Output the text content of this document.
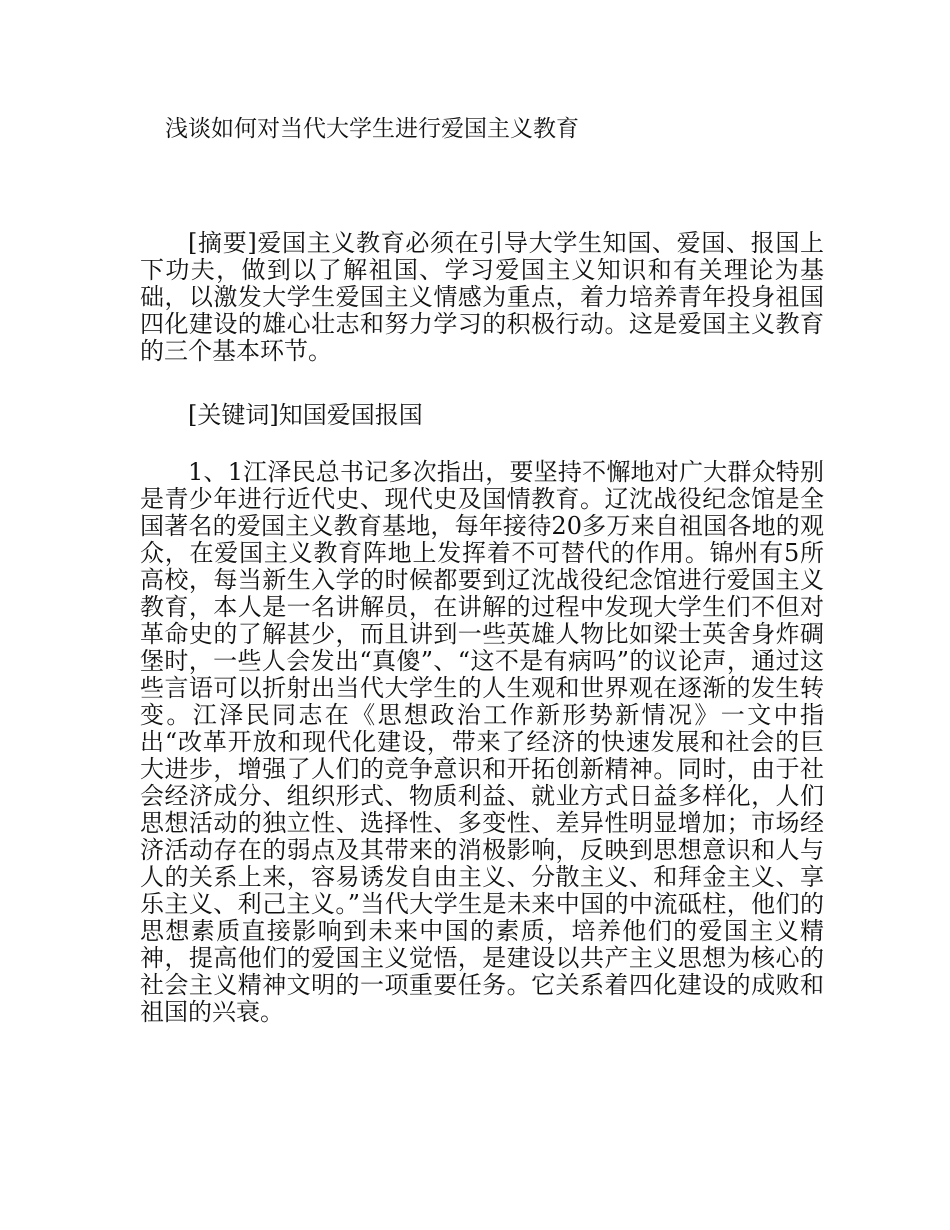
浅谈如何对当代大学生进行爱国主义教育

[摘要]爱国主义教育必须在引导大学生知国、爱国、报国上下功夫，做到以了解祖国、学习爱国主义知识和有关理论为基础，以激发大学生爱国主义情感为重点，着力培养青年投身祖国四化建设的雄心壮志和努力学习的积极行动。这是爱国主义教育的三个基本环节。

[关键词]知国爱国报国

1、1江泽民总书记多次指出，要坚持不懈地对广大群众特别是青少年进行近代史、现代史及国情教育。辽沈战役纪念馆是全国著名的爱国主义教育基地，每年接待20多万来自祖国各地的观众，在爱国主义教育阵地上发挥着不可替代的作用。锦州有5所高校，每当新生入学的时候都要到辽沈战役纪念馆进行爱国主义教育，本人是一名讲解员，在讲解的过程中发现大学生们不但对革命史的了解甚少，而且讲到一些英雄人物比如梁士英舍身炸碉堡时，一些人会发出“真傻”、“这不是有病吗”的议论声，通过这些言语可以折射出当代大学生的人生观和世界观在逐渐的发生转变。江泽民同志在《思想政治工作新形势新情况》一文中指出“改革开放和现代化建设，带来了经济的快速发展和社会的巨大进步，增强了人们的竞争意识和开拓创新精神。同时，由于社会经济成分、组织形式、物质利益、就业方式日益多样化，人们思想活动的独立性、选择性、多变性、差异性明显增加；市场经济活动存在的弱点及其带来的消极影响，反映到思想意识和人与人的关系上来，容易诱发自由主义、分散主义、和拜金主义、享乐主义、利己主义。”当代大学生是未来中国的中流砥柱，他们的思想素质直接影响到未来中国的素质，培养他们的爱国主义精神，提高他们的爱国主义觉悟，是建设以共产主义思想为核心的社会主义精神文明的一项重要任务。它关系着四化建设的成败和祖国的兴衰。
